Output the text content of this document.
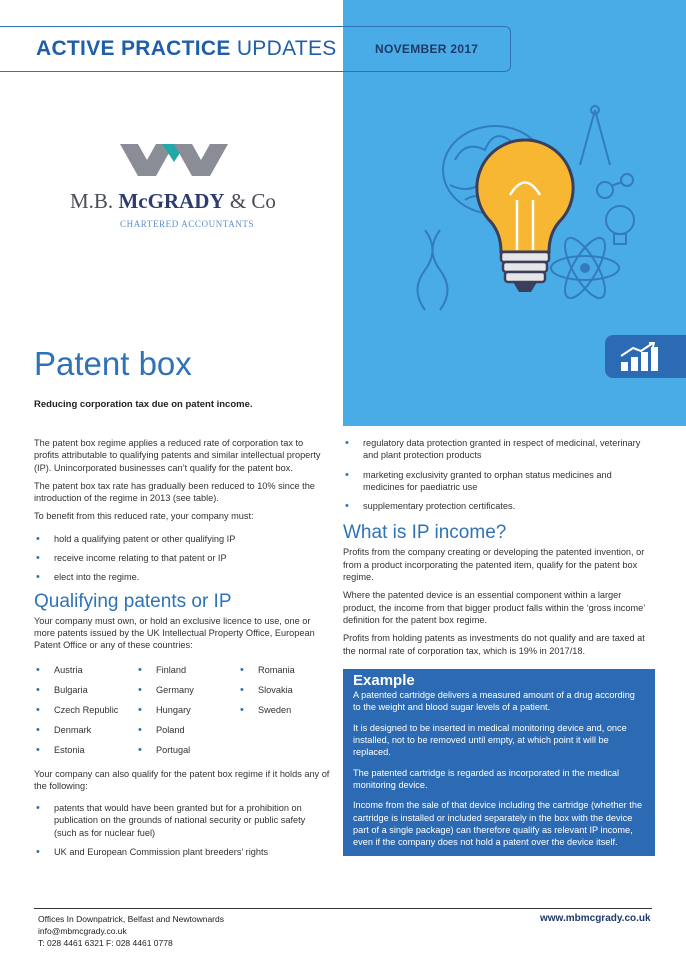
ACTIVE PRACTICE UPDATES	NOVEMBER 2017
M.B. McGRADY & Co
CHARTERED ACCOUNTANTS
Patent box
Reducing corporation tax due on patent income.

The patent box regime applies a reduced rate of corporation tax to profits attributable to qualifying patents and similar intellectual property (IP). Unincorporated businesses can’t qualify for the patent box.

The patent box tax rate has gradually been reduced to 10% since the introduction of the regime in 2013 (see table).

To benefit from this reduced rate, your company must:

• hold a qualifying patent or other qualifying IP
• receive income relating to that patent or IP
• elect into the regime.
Qualifying patents or IP

Your company must own, or hold an exclusive licence to use, one or more patents issued by the UK Intellectual Property Office, European Patent Office or any of these countries:

• Austria	• Finland	• Romania
• Bulgaria	• Germany	• Slovakia
• Czech Republic	• Hungary	• Sweden
• Denmark	• Poland
• Estonia	• Portugal

Your company can also qualify for the patent box regime if it holds any of the following:

• patents that would have been granted but for a prohibition on publication on the grounds of national security or public safety (such as for nuclear fuel)
• UK and European Commission plant breeders’ rights
• regulatory data protection granted in respect of medicinal, veterinary and plant protection products
• marketing exclusivity granted to orphan status medicines and medicines for paediatric use
• supplementary protection certificates.
What is IP income?

Profits from the company creating or developing the patented invention, or from a product incorporating the patented item, qualify for the patent box regime.

Where the patented device is an essential component within a larger product, the income from that bigger product falls within the ‘gross income’ definition for the patent box regime.

Profits from holding patents as investments do not qualify and are taxed at the normal rate of corporation tax, which is 19% in 2017/18.

Example

A patented cartridge delivers a measured amount of a drug according to the weight and blood sugar levels of a patient.

It is designed to be inserted in medical monitoring device and, once installed, not to be removed until empty, at which point it will be replaced.

The patented cartridge is regarded as incorporated in the medical monitoring device.

Income from the sale of that device including the cartridge (whether the cartridge is installed or included separately in the box with the device part of a single package) can therefore qualify as relevant IP income, even if the company does not hold a patent over the device itself.

Offices In Downpatrick, Belfast and Newtownards
info@mbmcgrady.co.uk
T: 028 4461 6321 F: 028 4461 0778
www.mbmcgrady.co.uk
